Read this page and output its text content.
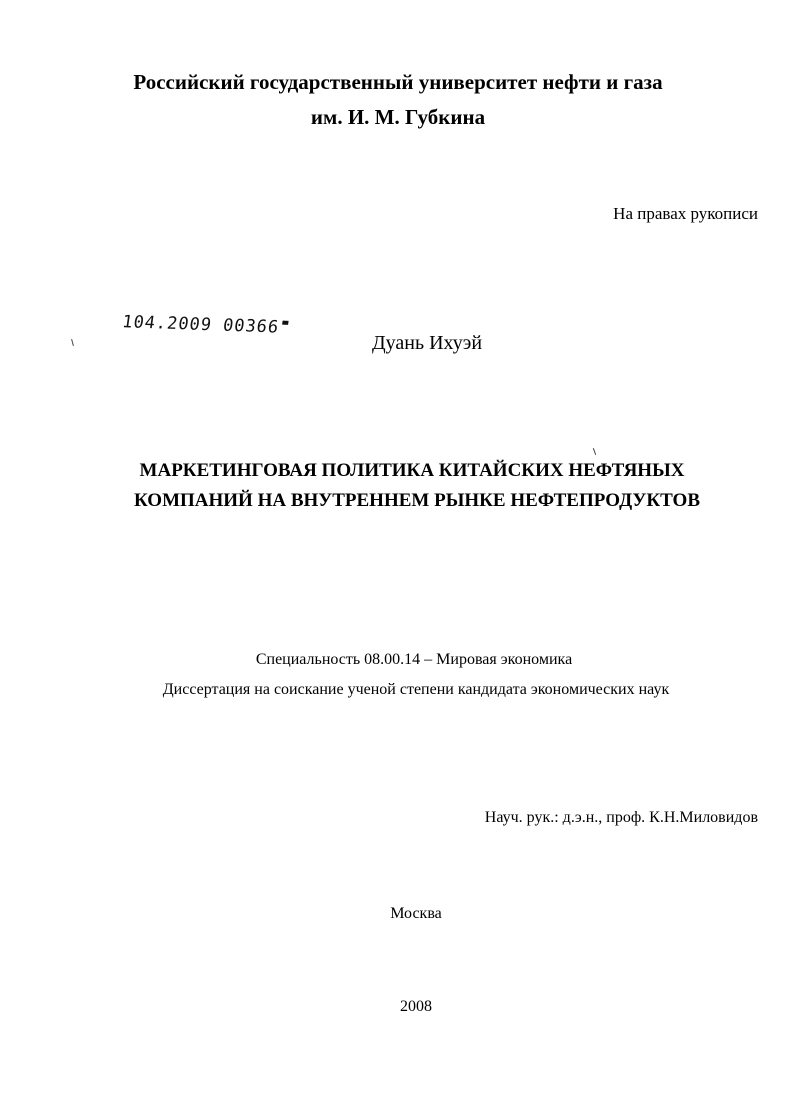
Российский государственный университет нефти и газа
им. И. М. Губкина
На правах рукописи
104.2009 00366
Дуань Ихуэй
МАРКЕТИНГОВАЯ ПОЛИТИКА КИТАЙСКИХ НЕФТЯНЫХ
КОМПАНИЙ НА ВНУТРЕННЕМ РЫНКЕ НЕФТЕПРОДУКТОВ
Специальность 08.00.14 – Мировая экономика
Диссертация на соискание ученой степени кандидата экономических наук
Науч. рук.: д.э.н., проф. К.Н.Миловидов
Москва
2008
